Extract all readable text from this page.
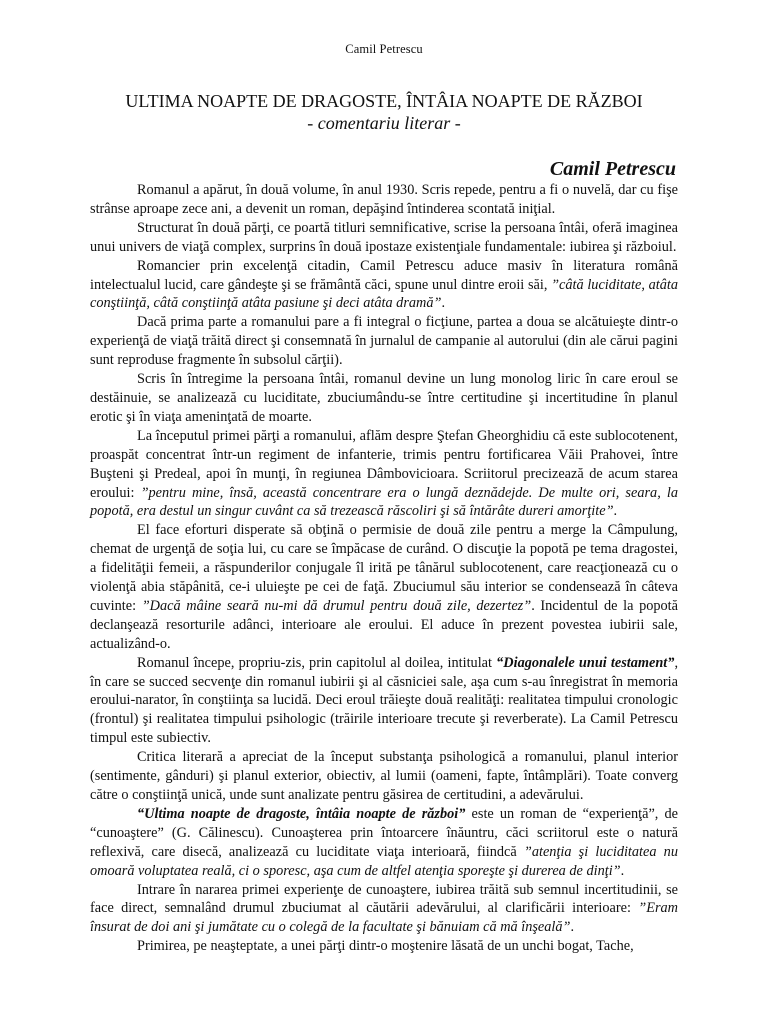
Camil Petrescu
ULTIMA NOAPTE DE DRAGOSTE, ÎNTÂIA NOAPTE DE RĂZBOI
- comentariu literar -
Camil Petrescu

Romanul a apărut, în două volume, în anul 1930. Scris repede, pentru a fi o nuvelă, dar cu fişe strânse aproape zece ani, a devenit un roman, depăşind întinderea scontată iniţial.

Structurat în două părţi, ce poartă titluri semnificative, scrise la persoana întâi, oferă imaginea unui univers de viaţă complex, surprins în două ipostaze existenţiale fundamentale: iubirea şi războiul.

Romancier prin excelenţă citadin, Camil Petrescu aduce masiv în literatura română intelectualul lucid, care gândeşte şi se frământă căci, spune unul dintre eroii săi, ”câtă luciditate, atâta conştiinţă, câtă conştiinţă atâta pasiune şi deci atâta dramă”.

Dacă prima parte a romanului pare a fi integral o ficţiune, partea a doua se alcătuieşte dintr-o experienţă de viaţă trăită direct şi consemnată în jurnalul de campanie al autorului (din ale cărui pagini sunt reproduse fragmente în subsolul cărţii).

Scris în întregime la persoana întâi, romanul devine un lung monolog liric în care eroul se destăinuie, se analizează cu luciditate, zbuciumându-se între certitudine şi incertitudine în planul erotic şi în viaţa ameninţată de moarte.

La începutul primei părţi a romanului, aflăm despre Ştefan Gheorghidiu că este sublocotenent, proaspăt concentrat într-un regiment de infanterie, trimis pentru fortificarea Văii Prahovei, între Buşteni şi Predeal, apoi în munţi, în regiunea Dâmbovicioara. Scriitorul precizează de acum starea eroului: ”pentru mine, însă, această concentrare era o lungă deznădejde. De multe ori, seara, la popotă, era destul un singur cuvânt ca să trezească răscoliri şi să întărâte dureri amorţite”.

El face eforturi disperate să obţină o permisie de două zile pentru a merge la Câmpulung, chemat de urgenţă de soţia lui, cu care se împăcase de curând. O discuţie la popotă pe tema dragostei, a fidelităţii femeii, a răspunderilor conjugale îl irită pe tânărul sublocotenent, care reacţionează cu o violenţă abia stăpânită, ce-i uluieşte pe cei de faţă. Zbuciumul său interior se condensează în câteva cuvinte: ”Dacă mâine seară nu-mi dă drumul pentru două zile, dezertez”. Incidentul de la popotă declanşează resorturile adânci, interioare ale eroului. El aduce în prezent povestea iubirii sale, actualizând-o.

Romanul începe, propriu-zis, prin capitolul al doilea, intitulat “Diagonalele unui testament”, în care se succed secvenţe din romanul iubirii şi al căsniciei sale, aşa cum s-au înregistrat în memoria eroului-narator, în conştiinţa sa lucidă. Deci eroul trăieşte două realităţi: realitatea timpului cronologic (frontul) şi realitatea timpului psihologic (trăirile interioare trecute şi reverberate). La Camil Petrescu timpul este subiectiv.

Critica literară a apreciat de la început substanţa psihologică a romanului, planul interior (sentimente, gânduri) şi planul exterior, obiectiv, al lumii (oameni, fapte, întâmplări). Toate converg către o conştiinţă unică, unde sunt analizate pentru găsirea de certitudini, a adevărului.

“Ultima noapte de dragoste, întâia noapte de război” este un roman de “experienţă”, de “cunoaştere” (G. Călinescu). Cunoaşterea prin întoarcere înăuntru, căci scriitorul este o natură reflexivă, care disecă, analizează cu luciditate viaţa interioară, fiindcă ”atenţia şi luciditatea nu omoară voluptatea reală, ci o sporesc, aşa cum de altfel atenţia sporeşte şi durerea de dinţi”.

Intrare în nararea primei experienţe de cunoaştere, iubirea trăită sub semnul incertitudinii, se face direct, semnalând drumul zbuciumat al căutării adevărului, al clarificării interioare: ”Eram însurat de doi ani şi jumătate cu o colegă de la facultate şi bănuiam că mă înşeală”.

Primirea, pe neaşteptate, a unei părţi dintr-o moştenire lăsată de un unchi bogat, Tache,
